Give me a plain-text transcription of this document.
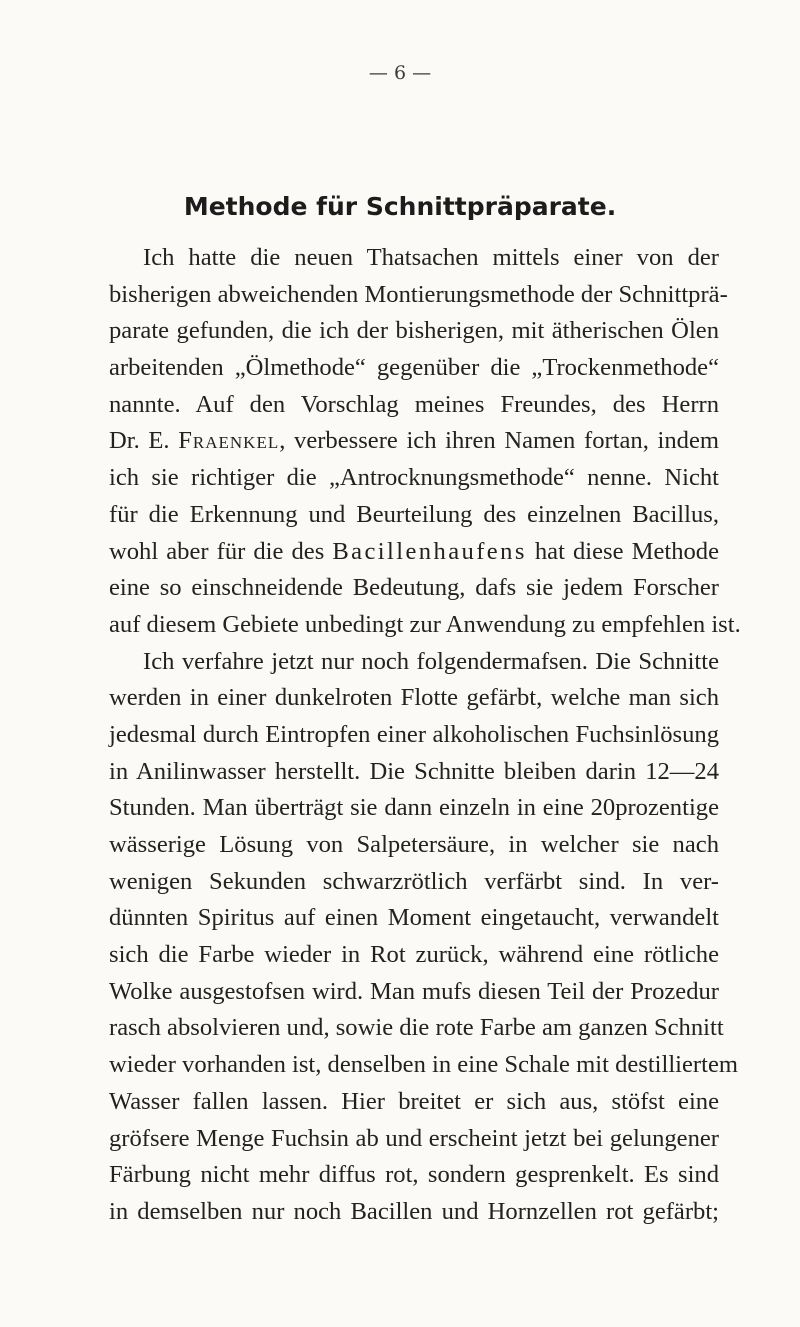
— 6 —
Methode für Schnittpräparate.
Ich hatte die neuen Thatsachen mittels einer von der
bisherigen abweichenden Montierungsmethode der Schnittprä-
parate gefunden, die ich der bisherigen, mit ätherischen Ölen
arbeitenden „Ölmethode“ gegenüber die „Trockenmethode“
nannte. Auf den Vorschlag meines Freundes, des Herrn
Dr. E. Fraenkel, verbessere ich ihren Namen fortan, indem
ich sie richtiger die „Antrocknungsmethode“ nenne. Nicht
für die Erkennung und Beurteilung des einzelnen Bacillus,
wohl aber für die des Bacillenhaufens hat diese Methode
eine so einschneidende Bedeutung, dafs sie jedem Forscher
auf diesem Gebiete unbedingt zur Anwendung zu empfehlen ist.
Ich verfahre jetzt nur noch folgendermafsen. Die Schnitte
werden in einer dunkelroten Flotte gefärbt, welche man sich
jedesmal durch Eintropfen einer alkoholischen Fuchsinlösung
in Anilinwasser herstellt. Die Schnitte bleiben darin 12—24
Stunden. Man überträgt sie dann einzeln in eine 20prozentige
wässerige Lösung von Salpetersäure, in welcher sie nach
wenigen Sekunden schwarzrötlich verfärbt sind. In ver-
dünnten Spiritus auf einen Moment eingetaucht, verwandelt
sich die Farbe wieder in Rot zurück, während eine rötliche
Wolke ausgestofsen wird. Man mufs diesen Teil der Prozedur
rasch absolvieren und, sowie die rote Farbe am ganzen Schnitt
wieder vorhanden ist, denselben in eine Schale mit destilliertem
Wasser fallen lassen. Hier breitet er sich aus, stöfst eine
gröfsere Menge Fuchsin ab und erscheint jetzt bei gelungener
Färbung nicht mehr diffus rot, sondern gesprenkelt. Es sind
in demselben nur noch Bacillen und Hornzellen rot gefärbt;
